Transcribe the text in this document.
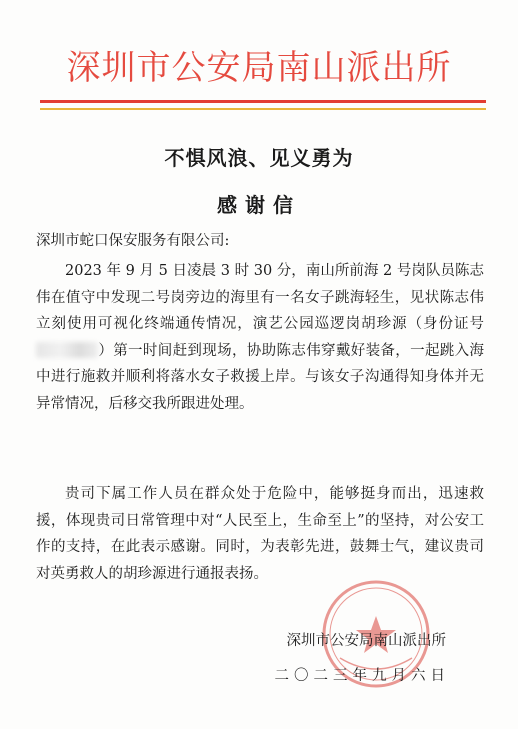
深圳市公安局南山派出所
不惧风浪、见义勇为
感谢信
深圳市蛇口保安服务有限公司:

2023 年 9 月 5 日凌晨 3 时 30 分，南山所前海 2 号岗队员陈志伟在值守中发现二号岗旁边的海里有一名女子跳海轻生，见状陈志伟立刻使用可视化终端通传情况，演艺公园巡逻岗胡珍源（身份证号）第一时间赶到现场，协助陈志伟穿戴好装备，一起跳入海中进行施救并顺利将落水女子救援上岸。与该女子沟通得知身体并无异常情况，后移交我所跟进处理。

贵司下属工作人员在群众处于危险中，能够挺身而出，迅速救援，体现贵司日常管理中对“人民至上，生命至上”的坚持，对公安工作的支持，在此表示感谢。同时，为表彰先进，鼓舞士气，建议贵司对英勇救人的胡珍源进行通报表扬。

深圳市公安局南山派出所
二〇二三年九月六日
